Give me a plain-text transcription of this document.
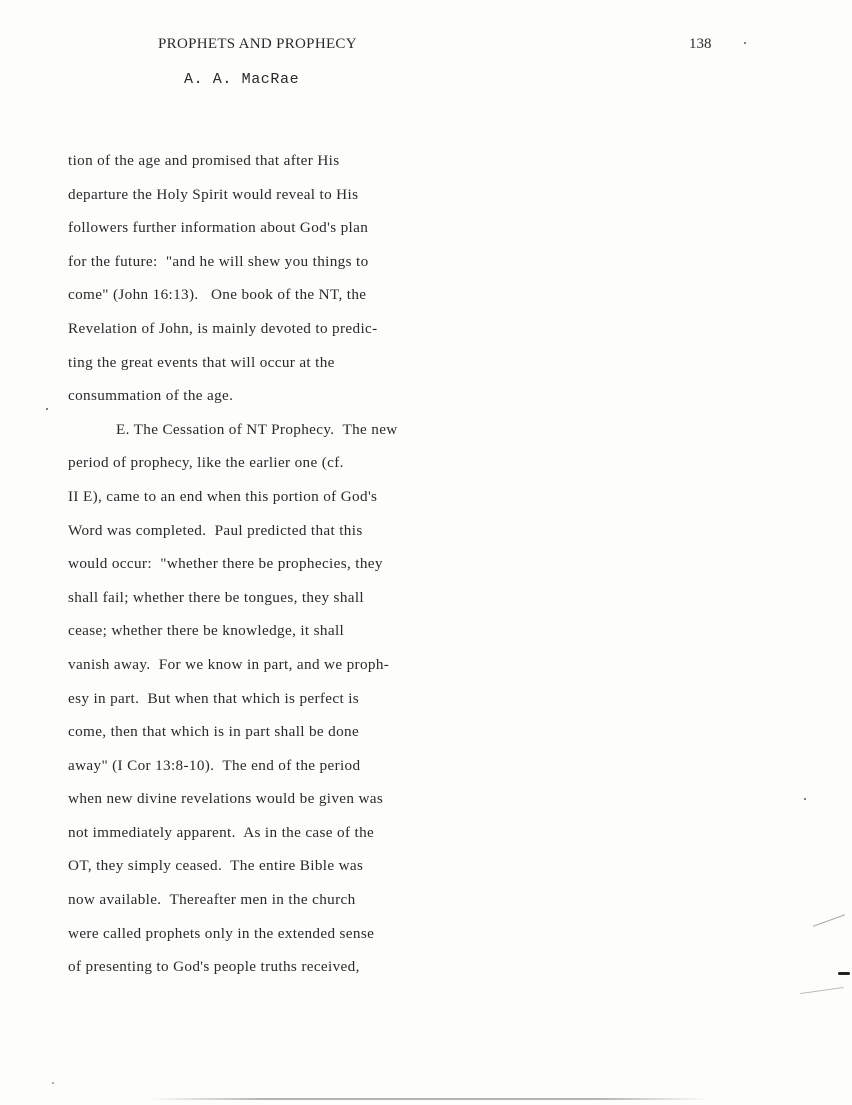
PROPHETS AND PROPHECY
A. A. MacRae
138
tion of the age and promised that after His
departure the Holy Spirit would reveal to His
followers further information about God's plan
for the future:  "and he will shew you things to
come" (John 16:13).   One book of the NT, the
Revelation of John, is mainly devoted to predic-
ting the great events that will occur at the
consummation of the age.
E. The Cessation of NT Prophecy.  The new
period of prophecy, like the earlier one (cf.
II E), came to an end when this portion of God's
Word was completed.  Paul predicted that this
would occur:  "whether there be prophecies, they
shall fail; whether there be tongues, they shall
cease; whether there be knowledge, it shall
vanish away.  For we know in part, and we proph-
esy in part.  But when that which is perfect is
come, then that which is in part shall be done
away" (I Cor 13:8-10).  The end of the period
when new divine revelations would be given was
not immediately apparent.  As in the case of the
OT, they simply ceased.  The entire Bible was
now available.  Thereafter men in the church
were called prophets only in the extended sense
of presenting to God's people truths received,
